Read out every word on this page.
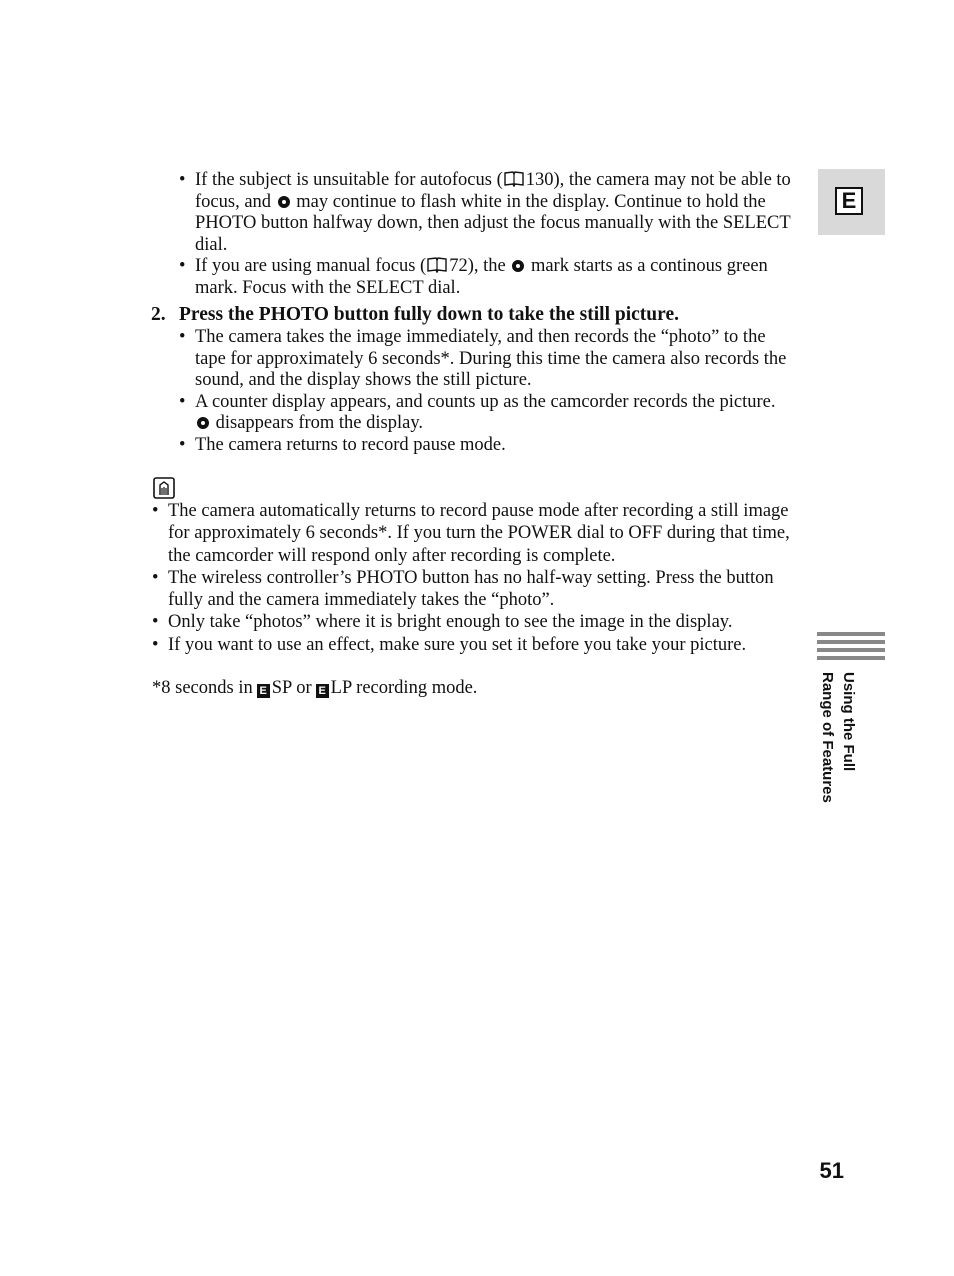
• If the subject is unsuitable for autofocus ( 130), the camera may not be able to focus, and may continue to flash white in the display. Continue to hold the PHOTO button halfway down, then adjust the focus manually with the SELECT dial.
• If you are using manual focus ( 72), the mark starts as a continous green mark. Focus with the SELECT dial.
2. Press the PHOTO button fully down to take the still picture.
• The camera takes the image immediately, and then records the “photo” to the tape for approximately 6 seconds*. During this time the camera also records the sound, and the display shows the still picture.
• A counter display appears, and counts up as the camcorder records the picture.  disappears from the display.
• The camera returns to record pause mode.
• The camera automatically returns to record pause mode after recording a still image for approximately 6 seconds*. If you turn the POWER dial to OFF during that time, the camcorder will respond only after recording is complete.
• The wireless controller’s PHOTO button has no half-way setting. Press the button fully and the camera immediately takes the “photo”.
• Only take “photos” where it is bright enough to see the image in the display.
• If you want to use an effect, make sure you set it before you take your picture.
*8 seconds in E SP or E LP recording mode.
E
Using the Full
Range of Features
51
